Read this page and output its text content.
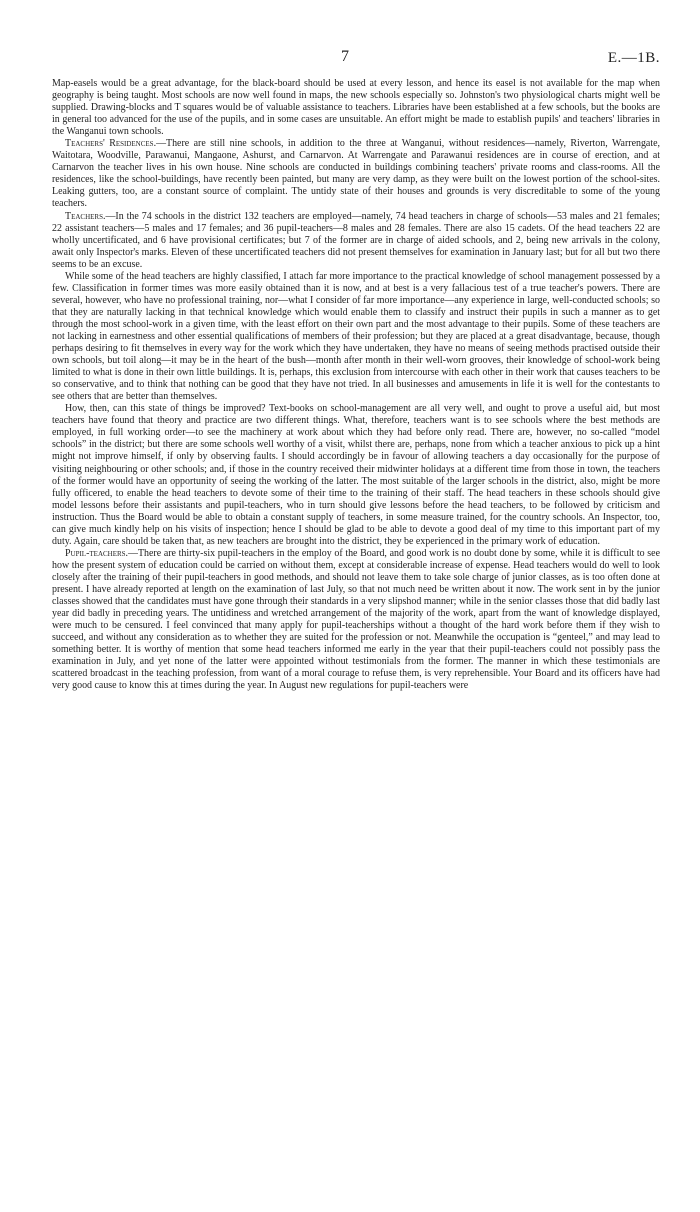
7	E.—1B.

Map-easels would be a great advantage, for the black-board should be used at every lesson, and hence its easel is not available for the map when geography is being taught. Most schools are now well found in maps, the new schools especially so. Johnston's two physiological charts might well be supplied. Drawing-blocks and T squares would be of valuable assistance to teachers. Libraries have been established at a few schools, but the books are in general too advanced for the use of the pupils, and in some cases are unsuitable. An effort might be made to establish pupils' and teachers' libraries in the Wanganui town schools.

Teachers' Residences.—There are still nine schools, in addition to the three at Wanganui, without residences—namely, Riverton, Warrengate, Waitotara, Woodville, Parawanui, Mangaone, Ashurst, and Carnarvon. At Warrengate and Parawanui residences are in course of erection, and at Carnarvon the teacher lives in his own house. Nine schools are conducted in buildings combining teachers' private rooms and class-rooms. All the residences, like the school-buildings, have recently been painted, but many are very damp, as they were built on the lowest portion of the school-sites. Leaking gutters, too, are a constant source of complaint. The untidy state of their houses and grounds is very discreditable to some of the young teachers.

Teachers.—In the 74 schools in the district 132 teachers are employed—namely, 74 head teachers in charge of schools—53 males and 21 females; 22 assistant teachers—5 males and 17 females; and 36 pupil-teachers—8 males and 28 females. There are also 15 cadets. Of the head teachers 22 are wholly uncertificated, and 6 have provisional certificates; but 7 of the former are in charge of aided schools, and 2, being new arrivals in the colony, await only Inspector's marks. Eleven of these uncertificated teachers did not present themselves for examination in January last; but for all but two there seems to be an excuse.

While some of the head teachers are highly classified, I attach far more importance to the practical knowledge of school management possessed by a few. Classification in former times was more easily obtained than it is now, and at best is a very fallacious test of a true teacher's powers. There are several, however, who have no professional training, nor—what I consider of far more importance—any experience in large, well-conducted schools; so that they are naturally lacking in that technical knowledge which would enable them to classify and instruct their pupils in such a manner as to get through the most school-work in a given time, with the least effort on their own part and the most advantage to their pupils. Some of these teachers are not lacking in earnestness and other essential qualifications of members of their profession; but they are placed at a great disadvantage, because, though perhaps desiring to fit themselves in every way for the work which they have undertaken, they have no means of seeing methods practised outside their own schools, but toil along—it may be in the heart of the bush—month after month in their well-worn grooves, their knowledge of school-work being limited to what is done in their own little buildings. It is, perhaps, this exclusion from intercourse with each other in their work that causes teachers to be so conservative, and to think that nothing can be good that they have not tried. In all businesses and amusements in life it is well for the contestants to see others that are better than themselves.

How, then, can this state of things be improved? Text-books on school-management are all very well, and ought to prove a useful aid, but most teachers have found that theory and practice are two different things. What, therefore, teachers want is to see schools where the best methods are employed, in full working order—to see the machinery at work about which they had before only read. There are, however, no so-called “model schools” in the district; but there are some schools well worthy of a visit, whilst there are, perhaps, none from which a teacher anxious to pick up a hint might not improve himself, if only by observing faults. I should accordingly be in favour of allowing teachers a day occasionally for the purpose of visiting neighbouring or other schools; and, if those in the country received their midwinter holidays at a different time from those in town, the teachers of the former would have an opportunity of seeing the working of the latter. The most suitable of the larger schools in the district, also, might be more fully officered, to enable the head teachers to devote some of their time to the training of their staff. The head teachers in these schools should give model lessons before their assistants and pupil-teachers, who in turn should give lessons before the head teachers, to be followed by criticism and instruction. Thus the Board would be able to obtain a constant supply of teachers, in some measure trained, for the country schools. An Inspector, too, can give much kindly help on his visits of inspection; hence I should be glad to be able to devote a good deal of my time to this important part of my duty. Again, care should be taken that, as new teachers are brought into the district, they be experienced in the primary work of education.

Pupil-teachers.—There are thirty-six pupil-teachers in the employ of the Board, and good work is no doubt done by some, while it is difficult to see how the present system of education could be carried on without them, except at considerable increase of expense. Head teachers would do well to look closely after the training of their pupil-teachers in good methods, and should not leave them to take sole charge of junior classes, as is too often done at present. I have already reported at length on the examination of last July, so that not much need be written about it now. The work sent in by the junior classes showed that the candidates must have gone through their standards in a very slipshod manner; while in the senior classes those that did badly last year did badly in preceding years. The untidiness and wretched arrangement of the majority of the work, apart from the want of knowledge displayed, were much to be censured. I feel convinced that many apply for pupil-teacherships without a thought of the hard work before them if they wish to succeed, and without any consideration as to whether they are suited for the profession or not. Meanwhile the occupation is “genteel,” and may lead to something better. It is worthy of mention that some head teachers informed me early in the year that their pupil-teachers could not possibly pass the examination in July, and yet none of the latter were appointed without testimonials from the former. The manner in which these testimonials are scattered broadcast in the teaching profession, from want of a moral courage to refuse them, is very reprehensible. Your Board and its officers have had very good cause to know this at times during the year. In August new regulations for pupil-teachers were
